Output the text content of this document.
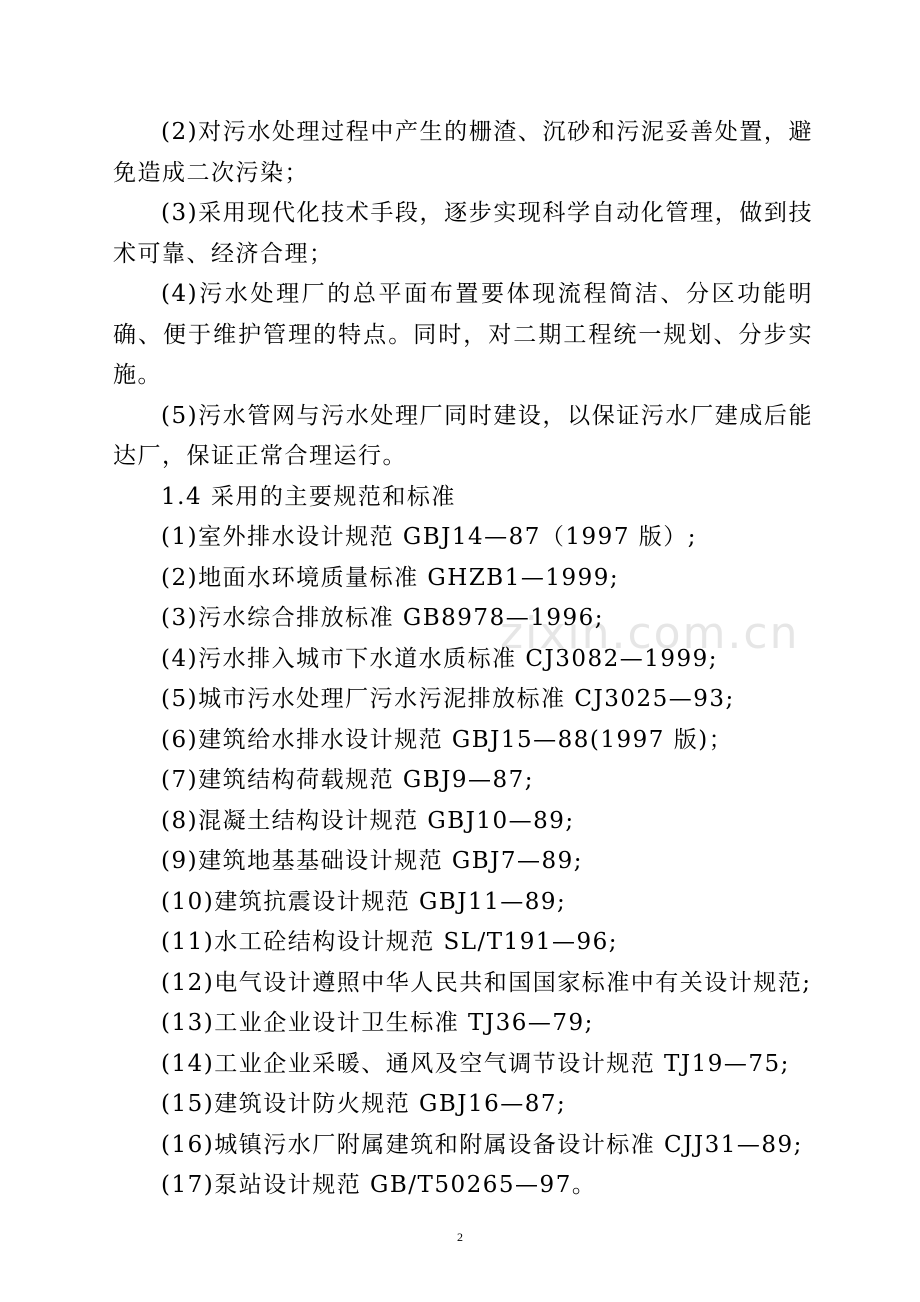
zixin.com.cn

(2)对污水处理过程中产生的栅渣、沉砂和污泥妥善处置，避免造成二次污染；

(3)采用现代化技术手段，逐步实现科学自动化管理，做到技术可靠、经济合理；

(4)污水处理厂的总平面布置要体现流程简洁、分区功能明确、便于维护管理的特点。同时，对二期工程统一规划、分步实施。

(5)污水管网与污水处理厂同时建设，以保证污水厂建成后能达厂，保证正常合理运行。

1.4 采用的主要规范和标准

(1)室外排水设计规范 GBJ14—87（1997 版）;

(2)地面水环境质量标准 GHZB1—1999;

(3)污水综合排放标准 GB8978—1996;

(4)污水排入城市下水道水质标准 CJ3082—1999;

(5)城市污水处理厂污水污泥排放标准 CJ3025—93;

(6)建筑给水排水设计规范 GBJ15—88(1997 版)；

(7)建筑结构荷载规范 GBJ9—87;

(8)混凝土结构设计规范 GBJ10—89;

(9)建筑地基基础设计规范 GBJ7—89;

(10)建筑抗震设计规范 GBJ11—89;

(11)水工砼结构设计规范 SL/T191—96;

(12)电气设计遵照中华人民共和国国家标准中有关设计规范;

(13)工业企业设计卫生标准 TJ36—79;

(14)工业企业采暖、通风及空气调节设计规范 TJ19—75;

(15)建筑设计防火规范 GBJ16—87;

(16)城镇污水厂附属建筑和附属设备设计标准 CJJ31—89;

(17)泵站设计规范 GB/T50265—97。

2
